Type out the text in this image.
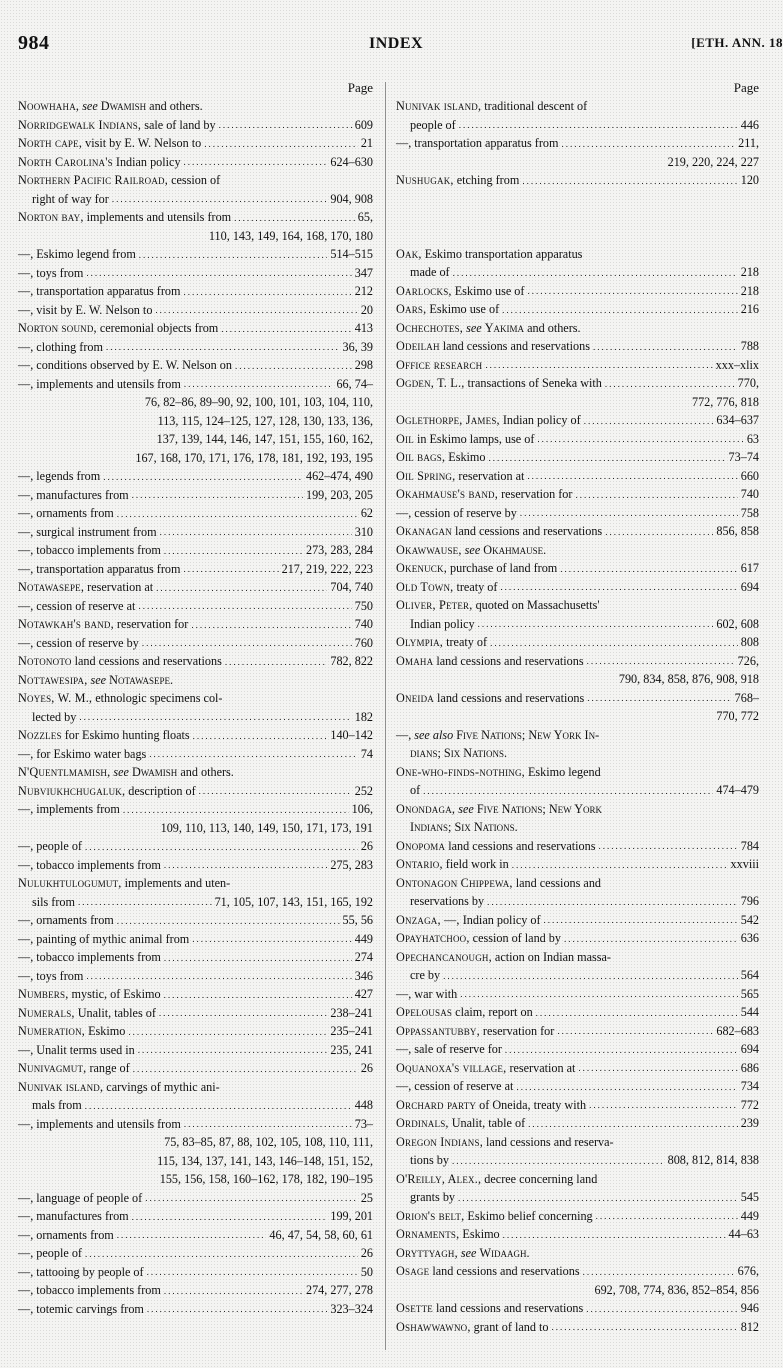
984	INDEX	[ETH. ANN. 18
Page
Noowhaha, see Dwamish and others.
Norridgewalk Indians, sale of land by .....	609
North cape, visit by E. W. Nelson to .....	21
North Carolina's Indian policy .....	624–630
Northern Pacific Railroad, cession of
right of way for .....	904, 908
Norton bay, implements and utensils from .....	65,
110, 143, 149, 164, 168, 170, 180
—, Eskimo legend from .....	514–515
—, toys from .....	347
—, transportation apparatus from .....	212
—, visit by E. W. Nelson to .....	20
Norton sound, ceremonial objects from .....	413
—, clothing from .....	36, 39
—, conditions observed by E. W. Nelson on .....	298
—, implements and utensils from .....	66, 74–
76, 82–86, 89–90, 92, 100, 101, 103, 104, 110,
113, 115, 124–125, 127, 128, 130, 133, 136,
137, 139, 144, 146, 147, 151, 155, 160, 162,
167, 168, 170, 171, 176, 178, 181, 192, 193, 195
—, legends from .....	462–474, 490
—, manufactures from .....	199, 203, 205
—, ornaments from .....	62
—, surgical instrument from .....	310
—, tobacco implements from .....	273, 283, 284
—, transportation apparatus from .....	217, 219, 222, 223
Notawasepe, reservation at .....	704, 740
—, cession of reserve at .....	750
Notawkah's band, reservation for .....	740
—, cession of reserve by .....	760
Notonoto land cessions and reservations .....	782, 822
Nottawesipa, see Notawasepe.
Noyes, W. M., ethnologic specimens col-
lected by .....	182
Nozzles for Eskimo hunting floats .....	140–142
—, for Eskimo water bags .....	74
N'Quentlmamish, see Dwamish and others.
Nubviukhchugaluk, description of .....	252
—, implements from .....	106,
109, 110, 113, 140, 149, 150, 171, 173, 191
—, people of .....	26
—, tobacco implements from .....	275, 283
Nulukhtulogumut, implements and uten-
sils from .....	71, 105, 107, 143, 151, 165, 192
—, ornaments from .....	55, 56
—, painting of mythic animal from .....	449
—, tobacco implements from .....	274
—, toys from .....	346
Numbers, mystic, of Eskimo .....	427
Numerals, Unalit, tables of .....	238–241
Numeration, Eskimo .....	235–241
—, Unalit terms used in .....	235, 241
Nunivagmut, range of .....	26
Nunivak island, carvings of mythic ani-
mals from .....	448
—, implements and utensils from .....	73–
75, 83–85, 87, 88, 102, 105, 108, 110, 111,
115, 134, 137, 141, 143, 146–148, 151, 152,
155, 156, 158, 160–162, 178, 182, 190–195
—, language of people of .....	25
—, manufactures from .....	199, 201
—, ornaments from .....	46, 47, 54, 58, 60, 61
—, people of .....	26
—, tattooing by people of .....	50
—, tobacco implements from .....	274, 277, 278
—, totemic carvings from .....	323–324
Page
Nunivak island, traditional descent of
people of .....	446
—, transportation apparatus from .....	211,
219, 220, 224, 227
Nushugak, etching from .....	120
Oak, Eskimo transportation apparatus
made of .....	218
Oarlocks, Eskimo use of .....	218
Oars, Eskimo use of .....	216
Ochechotes, see Yakima and others.
Odeilah land cessions and reservations .....	788
Office research .....	xxx–xlix
Ogden, T. L., transactions of Seneka with .....	770,
772, 776, 818
Oglethorpe, James, Indian policy of .....	634–637
Oil in Eskimo lamps, use of .....	63
Oil bags, Eskimo .....	73–74
Oil Spring, reservation at .....	660
Okahmause's band, reservation for .....	740
—, cession of reserve by .....	758
Okanagan land cessions and reservations .....	856, 858
Okawwause, see Okahmause.
Okenuck, purchase of land from .....	617
Old Town, treaty of .....	694
Oliver, Peter, quoted on Massachusetts'
Indian policy .....	602, 608
Olympia, treaty of .....	808
Omaha land cessions and reservations .....	726,
790, 834, 858, 876, 908, 918
Oneida land cessions and reservations .....	768–
770, 772
—, see also Five Nations; New York In-
dians; Six Nations.
One-who-finds-nothing, Eskimo legend
of .....	474–479
Onondaga, see Five Nations; New York
Indians; Six Nations.
Onopoma land cessions and reservations .....	784
Ontario, field work in .....	xxviii
Ontonagon Chippewa, land cessions and
reservations by .....	796
Onzaga, —, Indian policy of .....	542
Opayhatchoo, cession of land by .....	636
Opechancanough, action on Indian massa-
cre by .....	564
—, war with .....	565
Opelousas claim, report on .....	544
Oppassantubby, reservation for .....	682–683
—, sale of reserve for .....	694
Oquanoxa's village, reservation at .....	686
—, cession of reserve at .....	734
Orchard party of Oneida, treaty with .....	772
Ordinals, Unalit, table of .....	239
Oregon Indians, land cessions and reserva-
tions by .....	808, 812, 814, 838
O'Reilly, Alex., decree concerning land
grants by .....	545
Orion's belt, Eskimo belief concerning .....	449
Ornaments, Eskimo .....	44–63
Oryttyagh, see Widaagh.
Osage land cessions and reservations .....	676,
692, 708, 774, 836, 852–854, 856
Osette land cessions and reservations .....	946
Oshawwawno, grant of land to .....	812
